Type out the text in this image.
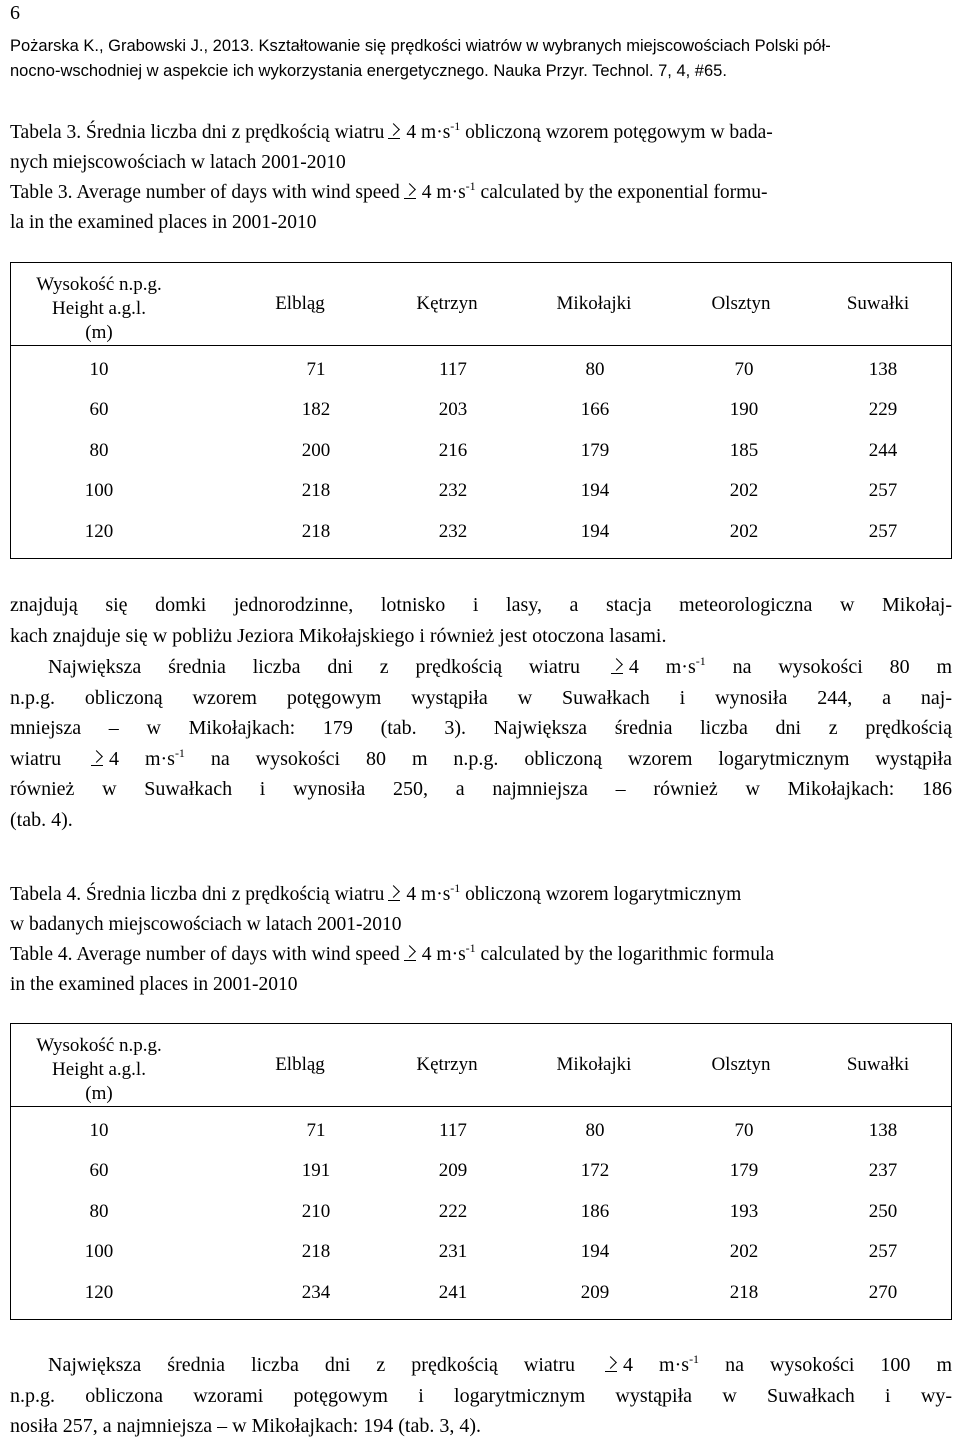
6
Pożarska K., Grabowski J., 2013. Kształtowanie się prędkości wiatrów w wybranych miejscowościach Polski pół-
nocno-wschodniej w aspekcie ich wykorzystania energetycznego. Nauka Przyr. Technol. 7, 4, #65.
Tabela 3. Średnia liczba dni z prędkością wiatru 4 $m\cdot s^{-1}$ obliczoną wzorem potęgowym w bada-
nych miejscowościach w latach 2001-2010
Table 3. Average number of days with wind speed 4 $m\cdot s^{-1}$ calculated by the exponential formu-
la in the examined places in 2001-2010
Wysokość n.p.g.
Height a.g.l.
(m)
Elbląg	Kętrzyn	Mikołajki	Olsztyn	Suwałki
10	71	117	80	70	138
60	182	203	166	190	229
80	200	216	179	185	244
100	218	232	194	202	257
120	218	232	194	202	257
znajdują się domki jednorodzinne, lotnisko i lasy, a stacja meteorologiczna w Mikołaj-
kach znajduje się w pobliżu Jeziora Mikołajskiego i również jest otoczona lasami.
Największa średnia liczba dni z prędkością wiatru 4 $m\cdot s^{-1}$ na wysokości 80 m
n.p.g. obliczoną wzorem potęgowym wystąpiła w Suwałkach i wynosiła 244, a naj-
mniejsza – w Mikołajkach: 179 (tab. 3). Największa średnia liczba dni z prędkością
wiatru 4 $m\cdot s^{-1}$ na wysokości 80 m n.p.g. obliczoną wzorem logarytmicznym wystąpiła
również w Suwałkach i wynosiła 250, a najmniejsza – również w Mikołajkach: 186
(tab. 4).
Tabela 4. Średnia liczba dni z prędkością wiatru 4 $m\cdot s^{-1}$ obliczoną wzorem logarytmicznym
w badanych miejscowościach w latach 2001-2010
Table 4. Average number of days with wind speed 4 $m\cdot s^{-1}$ calculated by the logarithmic formula
in the examined places in 2001-2010
Wysokość n.p.g.
Height a.g.l.
(m)
Elbląg	Kętrzyn	Mikołajki	Olsztyn	Suwałki
10	71	117	80	70	138
60	191	209	172	179	237
80	210	222	186	193	250
100	218	231	194	202	257
120	234	241	209	218	270
Największa średnia liczba dni z prędkością wiatru 4 $m\cdot s^{-1}$ na wysokości 100 m
n.p.g. obliczona wzorami potęgowym i logarytmicznym wystąpiła w Suwałkach i wy-
nosiła 257, a najmniejsza – w Mikołajkach: 194 (tab. 3, 4).
